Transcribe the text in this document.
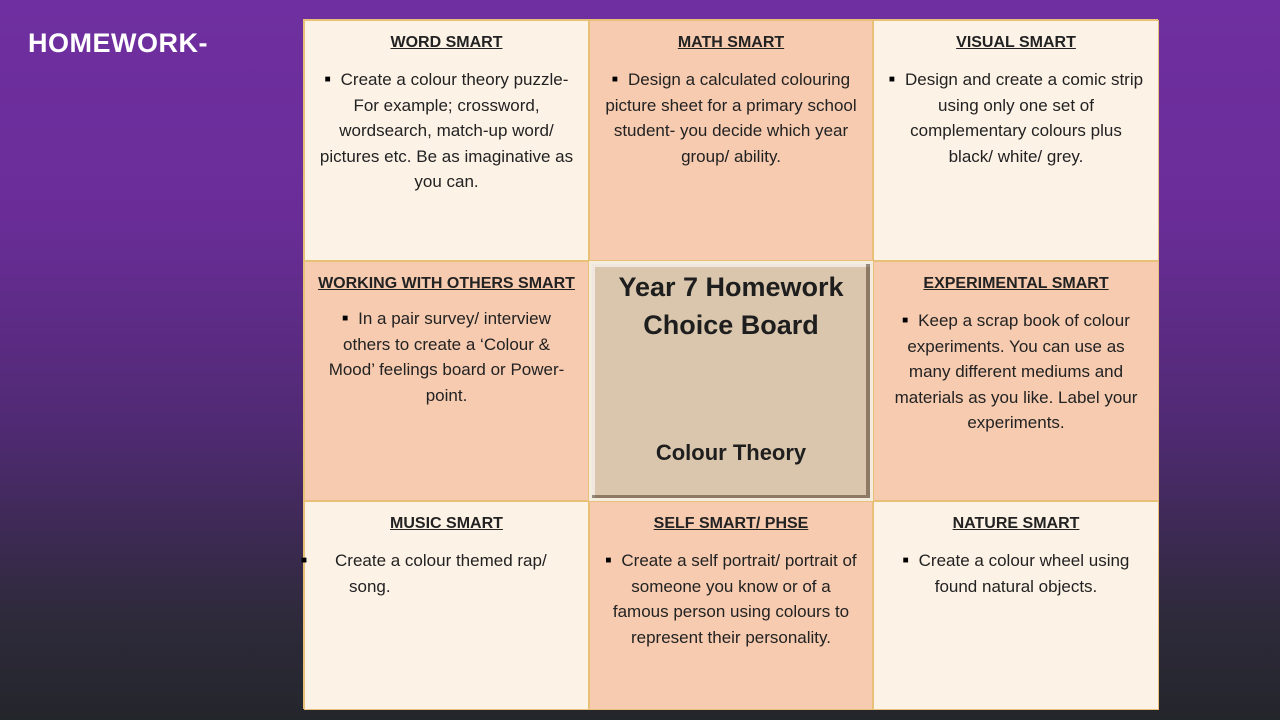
HOMEWORK-	WORD SMART

■ Create a colour theory puzzle- For example; crossword, wordsearch, match-up word/ pictures etc. Be as imaginative as you can.

MATH SMART

■ Design a calculated colouring picture sheet for a primary school student- you decide which year group/ ability.

VISUAL SMART

■ Design and create a comic strip using only one set of complementary colours plus black/ white/ grey.

WORKING WITH OTHERS SMART

■ In a pair survey/ interview others to create a ‘Colour & Mood’ feelings board or Power-point.

Year 7 Homework Choice Board

Colour Theory

EXPERIMENTAL SMART

■ Keep a scrap book of colour experiments. You can use as many different mediums and materials as you like. Label your experiments.

MUSIC SMART

■ Create a colour themed rap/ song.

SELF SMART/ PHSE

■ Create a self portrait/ portrait of someone you know or of a famous person using colours to represent their personality.

NATURE SMART

■ Create a colour wheel using found natural objects.
